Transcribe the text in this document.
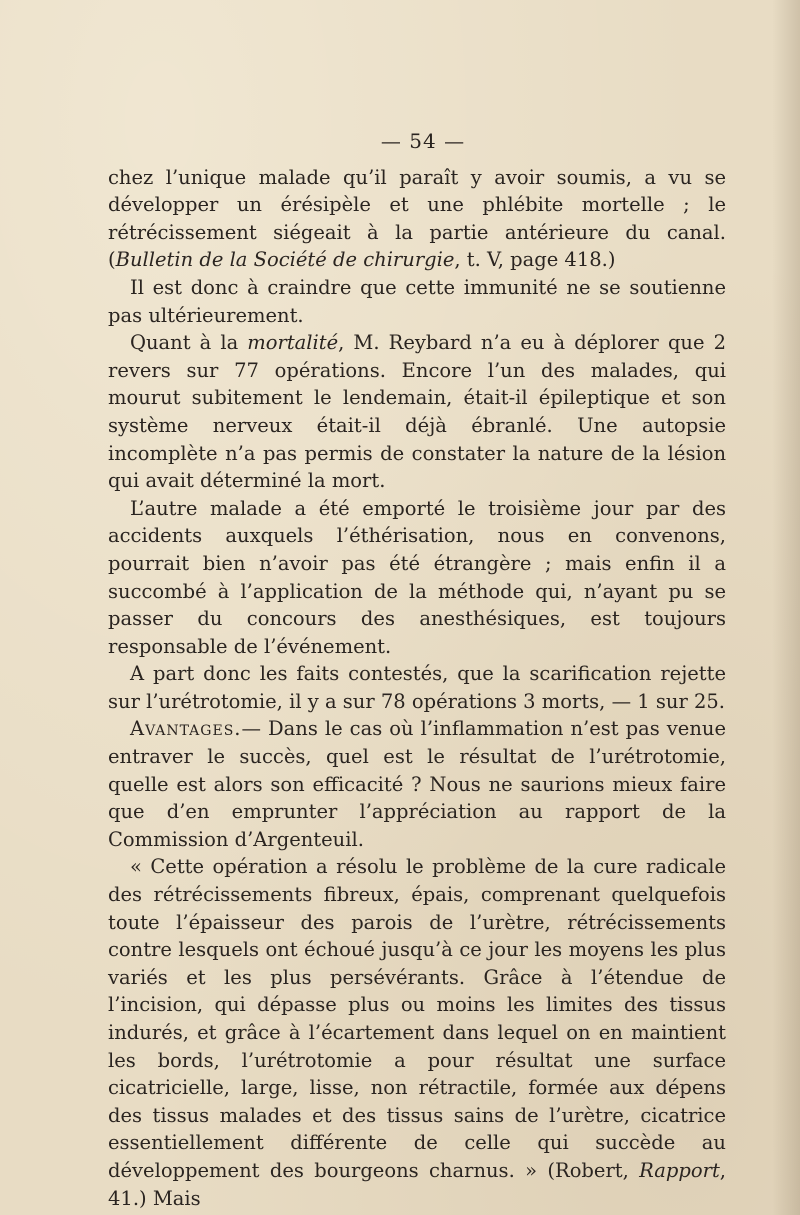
— 54 —

chez l’unique malade qu’il paraît y avoir soumis, a vu se développer un érésipèle et une phlébite mortelle ; le rétrécissement siégeait à la partie antérieure du canal. (Bulletin de la Société de chirurgie, t. V, page 418.)

Il est donc à craindre que cette immunité ne se soutienne pas ultérieurement.

Quant à la mortalité, M. Reybard n’a eu à déplorer que 2 revers sur 77 opérations. Encore l’un des malades, qui mourut subitement le lendemain, était-il épileptique et son système nerveux était-il déjà ébranlé. Une autopsie incomplète n’a pas permis de constater la nature de la lésion qui avait déterminé la mort.

L’autre malade a été emporté le troisième jour par des accidents auxquels l’éthérisation, nous en convenons, pourrait bien n’avoir pas été étrangère ; mais enfin il a succombé à l’application de la méthode qui, n’ayant pu se passer du concours des anesthésiques, est toujours responsable de l’événement.

A part donc les faits contestés, que la scarification rejette sur l’urétrotomie, il y a sur 78 opérations 3 morts, — 1 sur 25.

Avantages.— Dans le cas où l’inflammation n’est pas venue entraver le succès, quel est le résultat de l’urétrotomie, quelle est alors son efficacité ? Nous ne saurions mieux faire que d’en emprunter l’appréciation au rapport de la Commission d’Argenteuil.

« Cette opération a résolu le problème de la cure radicale des rétrécissements fibreux, épais, comprenant quelquefois toute l’épaisseur des parois de l’urètre, rétrécissements contre lesquels ont échoué jusqu’à ce jour les moyens les plus variés et les plus persévérants. Grâce à l’étendue de l’incision, qui dépasse plus ou moins les limites des tissus indurés, et grâce à l’écartement dans lequel on en maintient les bords, l’urétrotomie a pour résultat une surface cicatricielle, large, lisse, non rétractile, formée aux dépens des tissus malades et des tissus sains de l’urètre, cicatrice essentiellement différente de celle qui succède au développement des bourgeons charnus. » (Robert, Rapport, 41.) Mais
